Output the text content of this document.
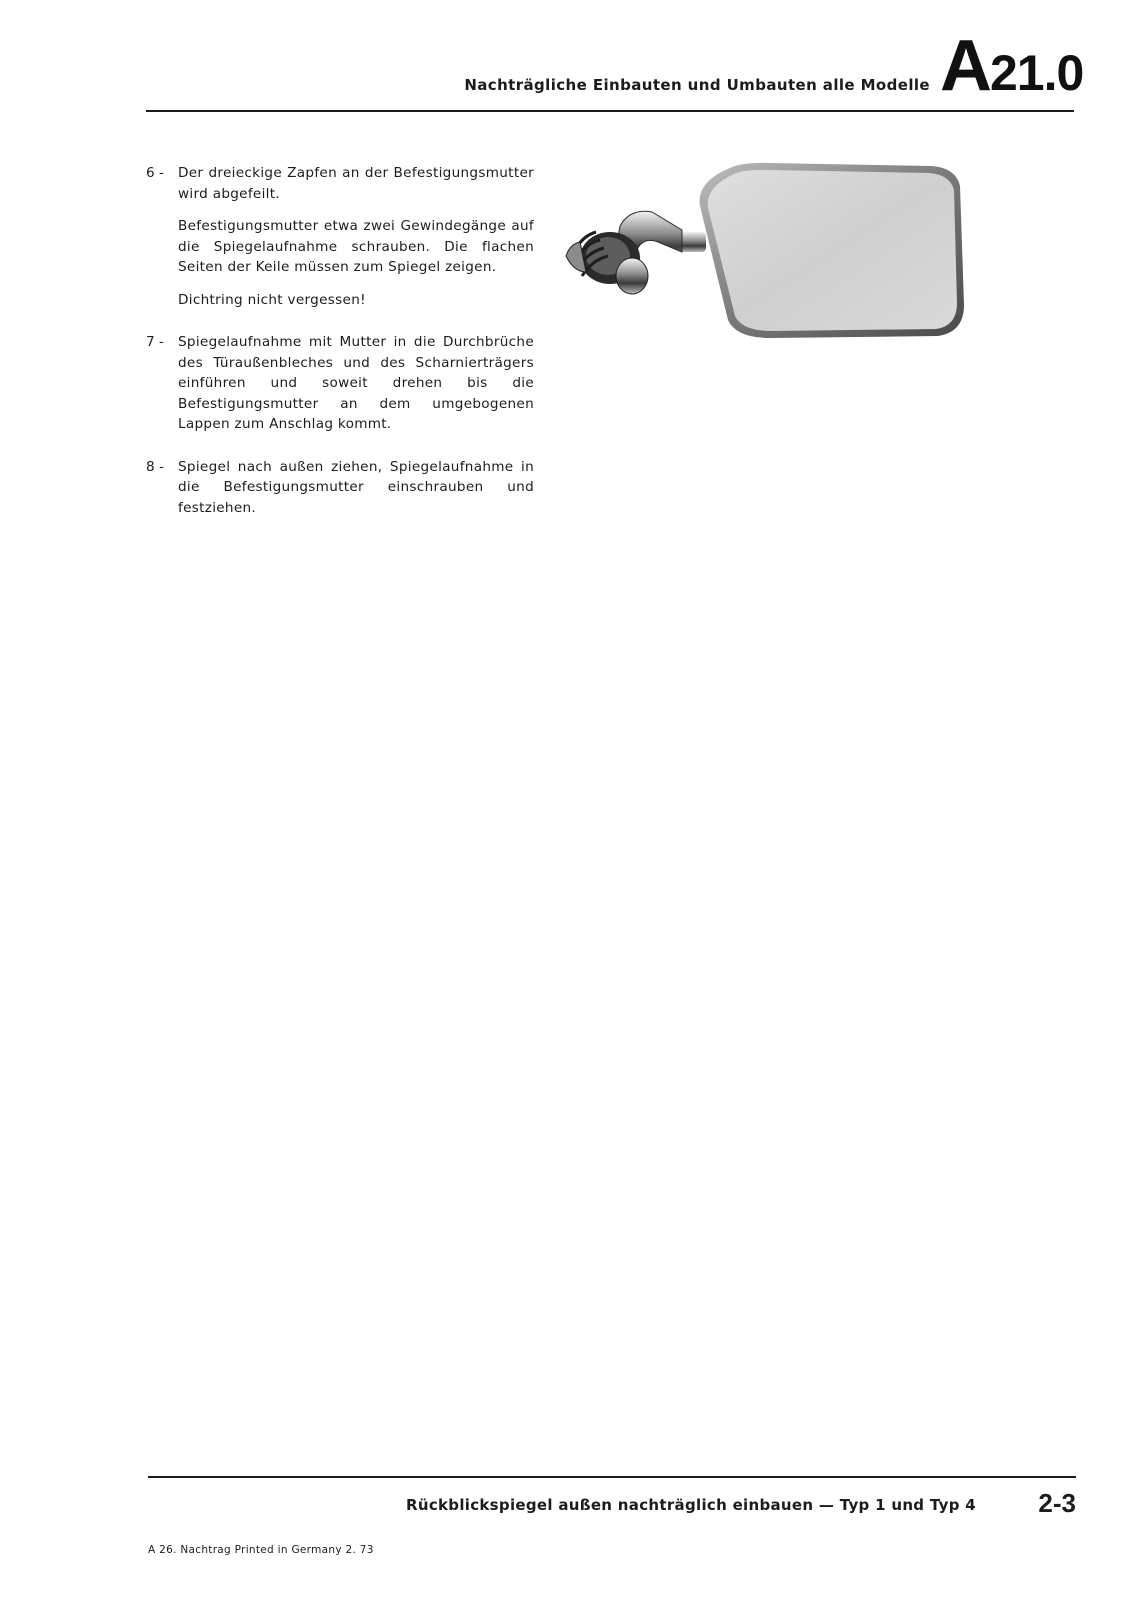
Nachträgliche Einbauten und Umbauten alle Modelle A21.0
6 -	Der dreieckige Zapfen an der Befestigungsmutter wird abgefeilt.

Befestigungsmutter etwa zwei Gewindegänge auf die Spiegelaufnahme schrauben. Die flachen Seiten der Keile müssen zum Spiegel zeigen.

Dichtring nicht vergessen!

7 -	Spiegelaufnahme mit Mutter in die Durchbrüche des Türaußenbleches und des Scharnierträgers einführen und soweit drehen bis die Befestigungsmutter an dem umgebogenen Lappen zum Anschlag kommt.

8 -	Spiegel nach außen ziehen, Spiegelaufnahme in die Befestigungsmutter einschrauben und festziehen.

Rückblickspiegel außen nachträglich einbauen — Typ 1 und Typ 4	2-3
A 26. Nachtrag Printed in Germany 2. 73
